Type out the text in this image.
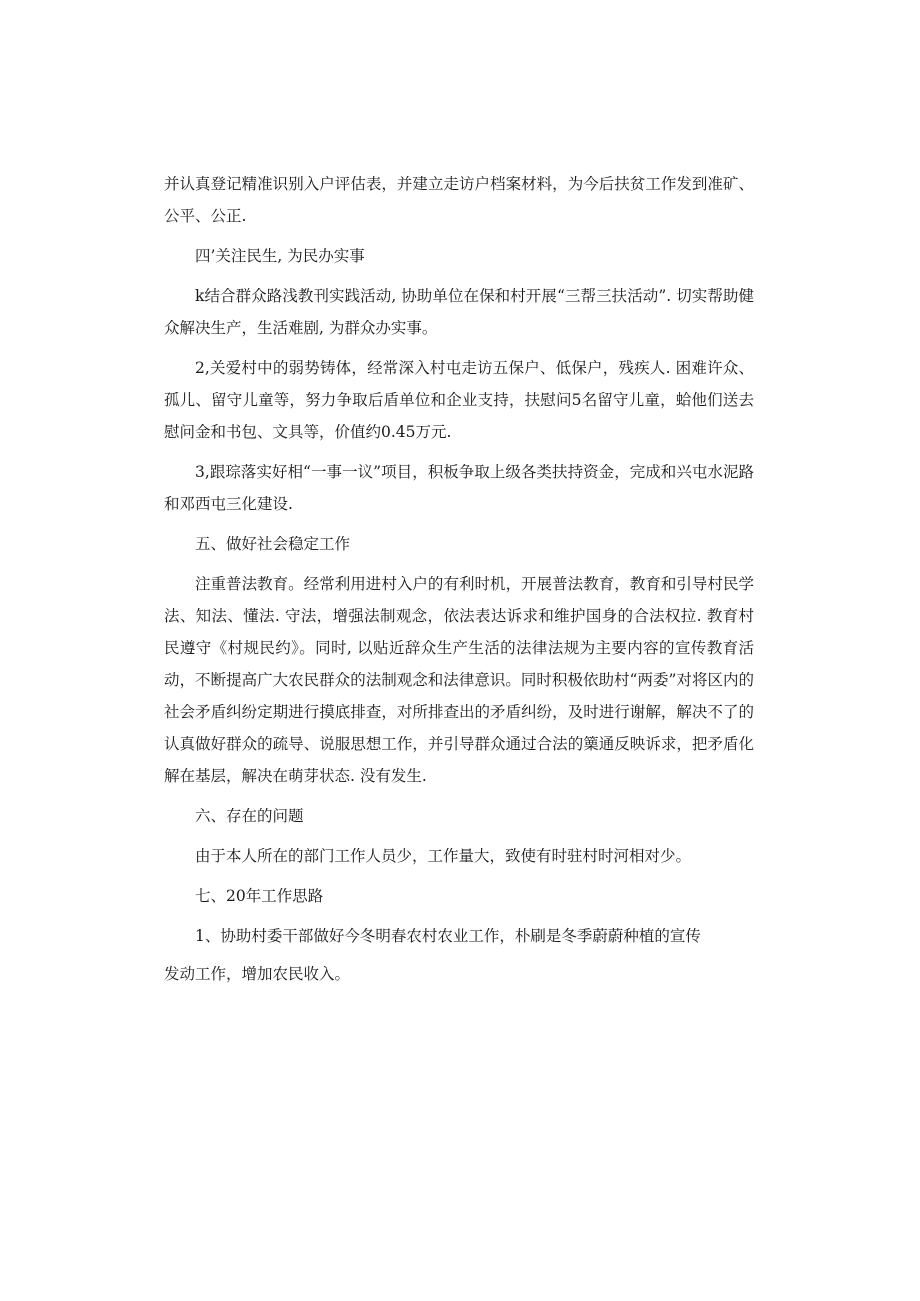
并认真登记精准识别入户评估表，并建立走访户档案材料，为今后扶贫工作发到准矿、公平、公正.

四’关注民生, 为民办实事

k结合群众路浅教刊实践活动, 协助单位在保和村开展“三帮三扶活动”. 切实帮助健众解决生产，生活难剧, 为群众办实事。

2,关爱村中的弱势铸体，经常深入村屯走访五保户、低保户，残疾人. 困难许众、孤儿、留守儿童等，努力争取后盾单位和企业支持，扶慰问5名留守儿童，蛤他们送去慰问金和书包、文具等，价值约0.45万元.

3,跟琮落实好相“一事一议”项目，积板争取上级各类扶持资金，完成和兴屯水泥路和邓西屯三化建设.

五、做好社会稳定工作

注重普法教育。经常利用进村入户的有利时机，开展普法教育，教育和引导村民学法、知法、懂法. 守法，增强法制观念，依法表达诉求和维护国身的合法权拉. 教育村民遵守《村规民约》。同时, 以贴近辞众生产生活的法律法规为主要内容的宣传教育活动，不断提高广大农民群众的法制观念和法律意识。同时积极依助村“两委”对将区内的社会矛盾纠纷定期进行摸底排查，对所排查出的矛盾纠纷，及时进行谢解，解决不了的认真做好群众的疏导、说服思想工作，并引导群众通过合法的篥通反映诉求，把矛盾化解在基层，解决在萌芽状态. 没有发生.

六、存在的问题

由于本人所在的部门工作人员少，工作量大，致使有时驻村时河相对少。

七、20年工作思路

1、协助村委干部做好今冬明春农村农业工作，朴刷是冬季蔚蔚种植的宣传

发动工作，增加农民收入。
